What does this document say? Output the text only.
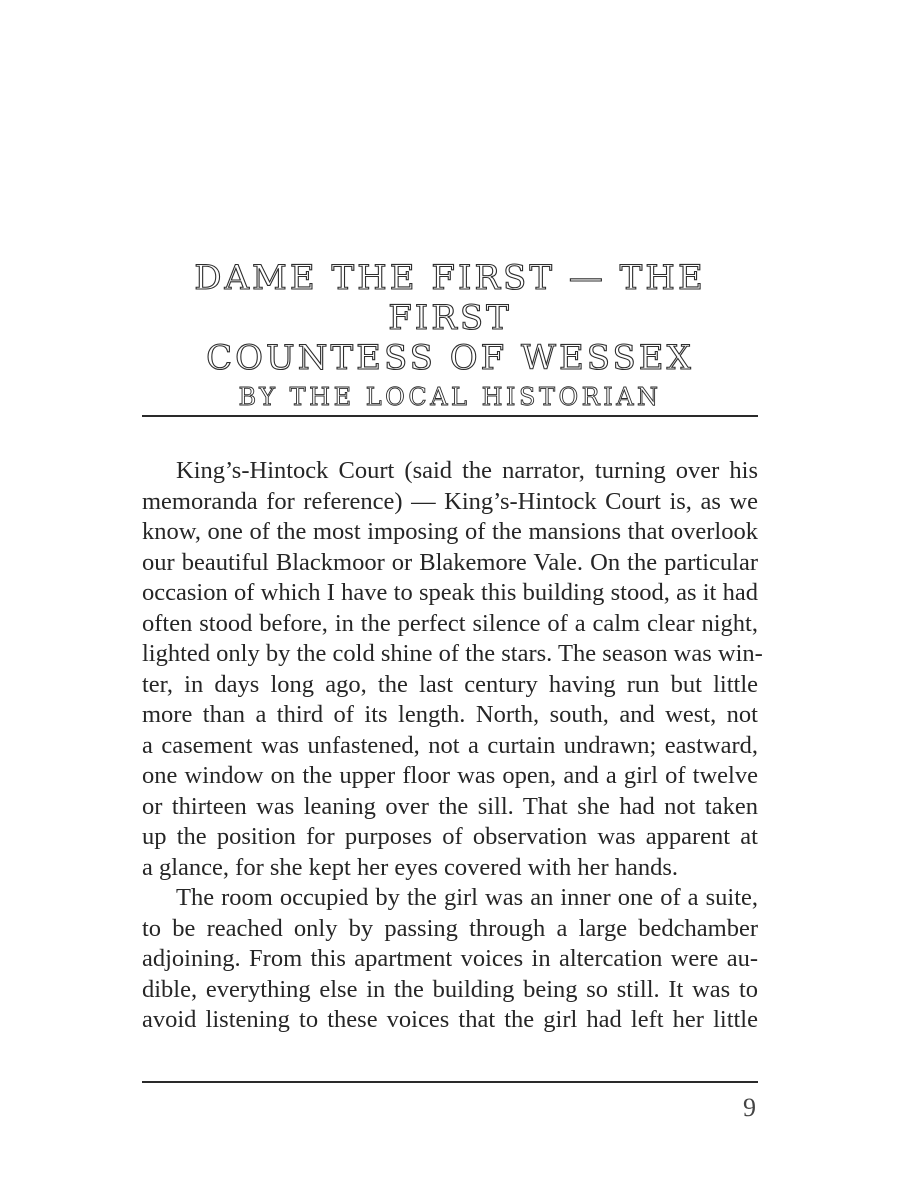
DAME THE FIRST — THE FIRST
COUNTESS OF WESSEX
BY THE LOCAL HISTORIAN
King’s-Hintock Court (said the narrator, turning over his
memoranda for reference) — King’s-Hintock Court is, as we
know, one of the most imposing of the mansions that overlook
our beautiful Blackmoor or Blakemore Vale. On the particular
occasion of which I have to speak this building stood, as it had
often stood before, in the perfect silence of a calm clear night,
lighted only by the cold shine of the stars. The season was win-
ter, in days long ago, the last century having run but little
more than a third of its length. North, south, and west, not
a casement was unfastened, not a curtain undrawn; eastward,
one window on the upper floor was open, and a girl of twelve
or thirteen was leaning over the sill. That she had not taken
up the position for purposes of observation was apparent at
a glance, for she kept her eyes covered with her hands.
The room occupied by the girl was an inner one of a suite,
to be reached only by passing through a large bedchamber
adjoining. From this apartment voices in altercation were au-
dible, everything else in the building being so still. It was to
avoid listening to these voices that the girl had left her little
9
